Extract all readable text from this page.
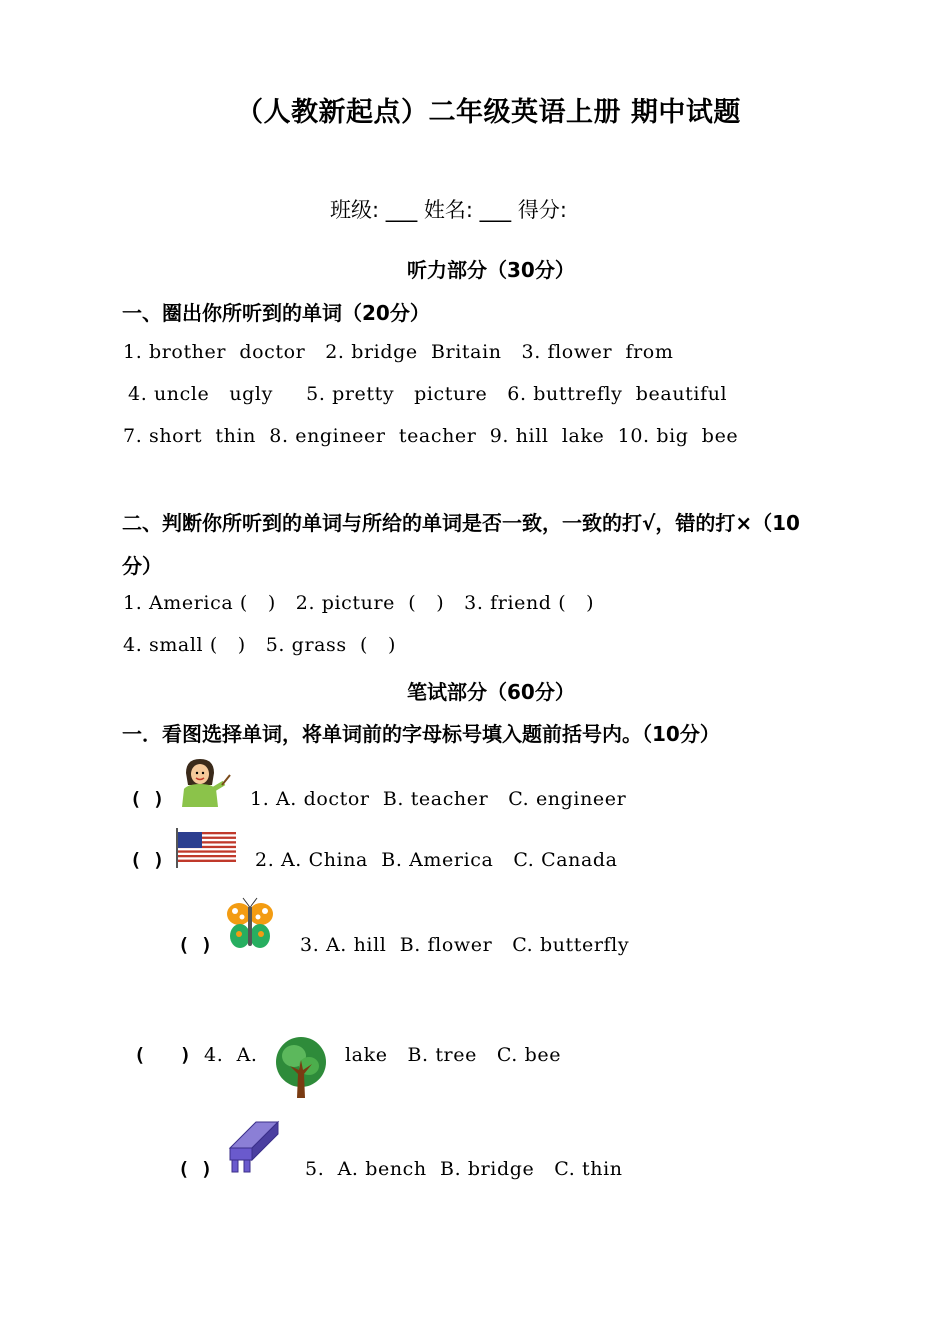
（人教新起点）二年级英语上册 期中试题
班级: ___ 姓名: ___ 得分:
听力部分（30分）
一、圈出你所听到的单词（20分）
1. brother  doctor   2. bridge  Britain   3. flower  from
4. uncle   ugly     5. pretty   picture   6. buttrefly  beautiful
7. short  thin  8. engineer  teacher  9. hill  lake  10. big  bee
二、判断你所听到的单词与所给的单词是否一致，一致的打√，错的打×（10
分）
1. America (   )   2. picture  (   )   3. friend (   )
4. small (   )   5. grass  (   )
笔试部分（60分）
一．看图选择单词，将单词前的字母标号填入题前括号内。（10分）
( )	1. A. doctor  B. teacher   C. engineer
( )	2. A. China  B. America   C. Canada
( )	3. A. hill  B. flower   C. butterfly
(   ) 4.  A.	lake   B. tree   C. bee
( )	5.  A. bench  B. bridge   C. thin
